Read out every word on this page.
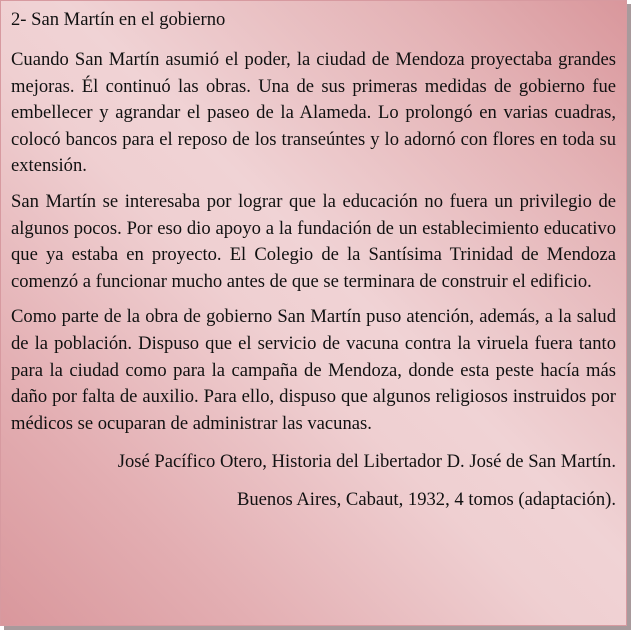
2- San Martín en el gobierno

Cuando San Martín asumió el poder, la ciudad de Mendoza proyectaba grandes mejoras. Él continuó las obras. Una de sus primeras medidas de gobierno fue embellecer y agrandar el paseo de la Alameda. Lo prolongó en varias cuadras, colocó bancos para el reposo de los transeúntes y lo adornó con flores en toda su extensión.

San Martín se interesaba por lograr que la educación no fuera un privilegio de algunos pocos. Por eso dio apoyo a la fundación de un establecimiento educativo que ya estaba en proyecto. El Colegio de la Santísima Trinidad de Mendoza comenzó a funcionar mucho antes de que se terminara de construir el edificio.

Como parte de la obra de gobierno San Martín puso atención, además, a la salud de la población. Dispuso que el servicio de vacuna contra la viruela fuera tanto para la ciudad como para la campaña de Mendoza, donde esta peste hacía más daño por falta de auxilio. Para ello, dispuso que algunos religiosos instruidos por médicos se ocuparan de administrar las vacunas.

José Pacífico Otero, Historia del Libertador D. José de San Martín.

Buenos Aires, Cabaut, 1932, 4 tomos (adaptación).
